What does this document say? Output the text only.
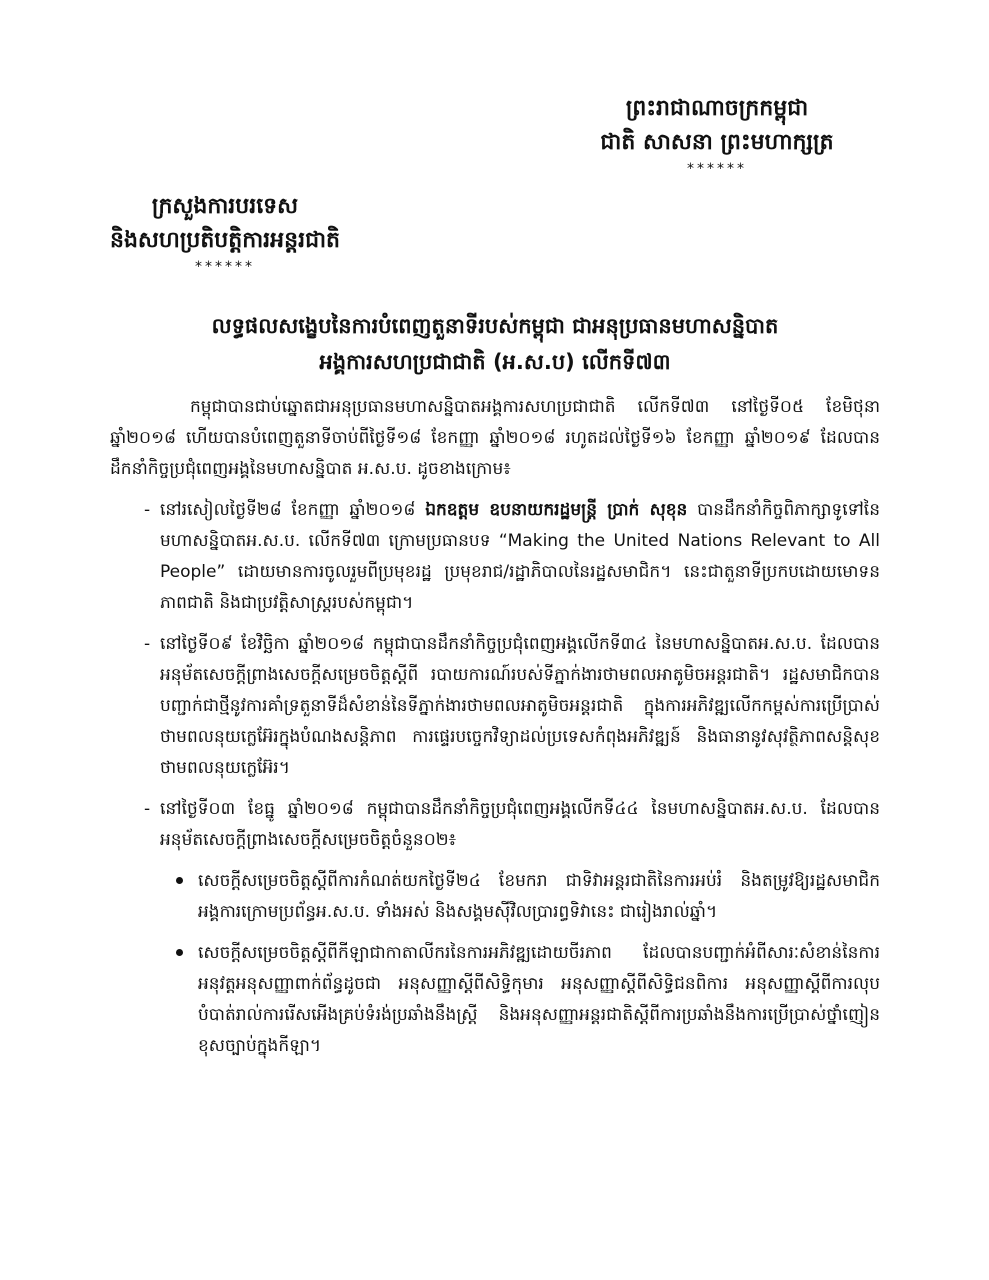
ព្រះរាជាណាចក្រកម្ពុជា
ជាតិ សាសនា ព្រះមហាក្សត្រ
******
ក្រសួងការបរទេស
និងសហប្រតិបត្តិការអន្តរជាតិ
******
លទ្ធផលសង្ខេបនៃការបំពេញតួនាទីរបស់កម្ពុជា ជាអនុប្រធានមហាសន្និបាត
អង្គការសហប្រជាជាតិ (អ.ស.ប) លើកទី៧៣

កម្ពុជាបានជាប់ឆ្នោតជាអនុប្រធានមហាសន្និបាតអង្គការសហប្រជាជាតិ លើកទី៧៣ នៅថ្ងៃទី០៥ ខែមិថុនា ឆ្នាំ២០១៨ ហើយបានបំពេញតួនាទីចាប់ពីថ្ងៃទី១៨ ខែកញ្ញា ឆ្នាំ២០១៨ រហូតដល់ថ្ងៃទី១៦ ខែកញ្ញា ឆ្នាំ២០១៩ ដែលបានដឹកនាំកិច្ចប្រជុំពេញអង្គនៃមហាសន្និបាត អ.ស.ប. ដូចខាងក្រោម៖

- នៅរសៀលថ្ងៃទី២៨ ខែកញ្ញា ឆ្នាំ២០១៨ ឯកឧត្តម ឧបនាយករដ្ឋមន្ត្រី ប្រាក់ សុខុន បានដឹកនាំកិច្ចពិភាក្សាទូទៅនៃមហាសន្និបាតអ.ស.ប. លើកទី៧៣ ក្រោមប្រធានបទ “Making the United Nations Relevant to All People” ដោយមានការចូលរួមពីប្រមុខរដ្ឋ ប្រមុខរាជ/រដ្ឋាភិបាលនៃរដ្ឋសមាជិក។ នេះជាតួនាទីប្រកបដោយមោទនភាពជាតិ និងជាប្រវត្តិសាស្ត្ររបស់កម្ពុជា។
- នៅថ្ងៃទី០៩ ខែវិច្ឆិកា ឆ្នាំ២០១៨ កម្ពុជាបានដឹកនាំកិច្ចប្រជុំពេញអង្គលើកទី៣៤ នៃមហាសន្និបាតអ.ស.ប. ដែលបានអនុម័តសេចក្តីព្រាងសេចក្តីសម្រេចចិត្តស្តីពី របាយការណ៍របស់ទីភ្នាក់ងារថាមពលអាតូមិចអន្តរជាតិ។ រដ្ឋសមាជិកបានបញ្ជាក់ជាថ្មីនូវការគាំទ្រតួនាទីដ៏សំខាន់នៃទីភ្នាក់ងារថាមពលអាតូមិចអន្តរជាតិ ក្នុងការអភិវឌ្ឍលើកកម្ពស់ការប្រើប្រាស់ថាមពលនុយក្លេអ៊ែរក្នុងបំណងសន្តិភាព ការផ្ទេរបច្ចេកវិទ្យាដល់ប្រទេសកំពុងអភិវឌ្ឍន៍ និងធានានូវសុវត្ថិភាពសន្តិសុខថាមពលនុយក្លេអ៊ែរ។
- នៅថ្ងៃទី០៣ ខែធ្នូ ឆ្នាំ២០១៨ កម្ពុជាបានដឹកនាំកិច្ចប្រជុំពេញអង្គលើកទី៤៤ នៃមហាសន្និបាតអ.ស.ប. ដែលបានអនុម័តសេចក្តីព្រាងសេចក្តីសម្រេចចិត្តចំនួន០២៖
សេចក្តីសម្រេចចិត្តស្តីពីការកំណត់យកថ្ងៃទី២៤ ខែមករា ជាទិវាអន្តរជាតិនៃការអប់រំ និងតម្រូវឱ្យរដ្ឋសមាជិក អង្គការក្រោមប្រព័ន្ធអ.ស.ប. ទាំងអស់ និងសង្គមស៊ីវិលប្រារព្ធទិវានេះ ជារៀងរាល់ឆ្នាំ។
សេចក្តីសម្រេចចិត្តស្តីពីកីឡាជាកាតាលីករនៃការអភិវឌ្ឍដោយចីរភាព ដែលបានបញ្ជាក់អំពីសារៈសំខាន់នៃការអនុវត្តអនុសញ្ញាពាក់ព័ន្ធដូចជា អនុសញ្ញាស្តីពីសិទ្ធិកុមារ អនុសញ្ញាស្តីពីសិទ្ធិជនពិការ អនុសញ្ញាស្តីពីការលុបបំបាត់រាល់ការរើសអើងគ្រប់ទំរង់ប្រឆាំងនឹងស្ត្រី និងអនុសញ្ញាអន្តរជាតិស្តីពីការប្រឆាំងនឹងការប្រើប្រាស់ថ្នាំញៀនខុសច្បាប់ក្នុងកីឡា។
